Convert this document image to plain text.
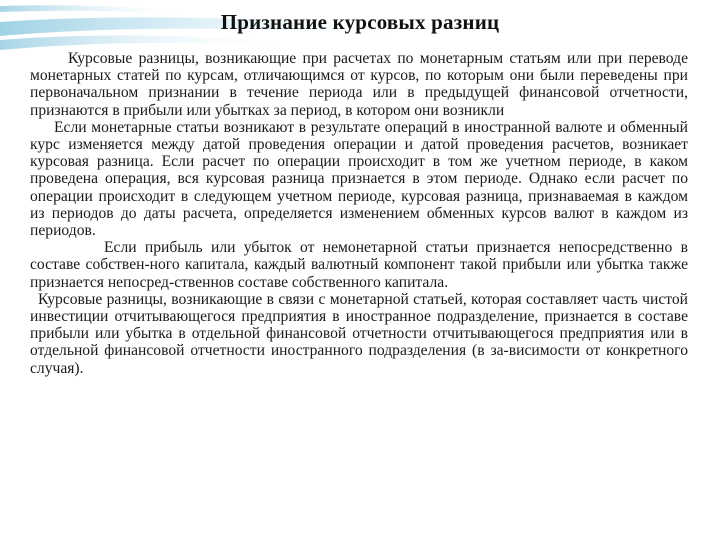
Признание курсовых разниц

Курсовые разницы, возникающие при расчетах по монетарным статьям или при переводе монетарных статей по курсам, отличающимся от курсов, по которым они были переведены при первоначальном признании в течение периода или в предыдущей финансовой отчетности, признаются в прибыли или убытках за период, в котором они возникли

Если монетарные статьи возникают в результате операций в иностранной валюте и обменный курс изменяется между датой проведения операции и датой проведения расчетов, возникает курсовая разница. Если расчет по операции происходит в том же учетном периоде, в каком проведена операция, вся курсовая разница признается в этом периоде. Однако если расчет по операции происходит в следующем учетном периоде, курсовая разница, признаваемая в каждом из периодов до даты расчета, определяется изменением обменных курсов валют в каждом из периодов.

Если прибыль или убыток от немонетарной статьи признается непосредственно в составе собствен-ного капитала, каждый валютный компонент такой прибыли или убытка также признается непосред-ственнов составе собственного капитала.

Курсовые разницы, возникающие в связи с монетарной статьей, которая составляет часть чистой инвестиции отчитывающегося предприятия в иностранное подразделение, признается в составе прибыли или убытка в отдельной финансовой отчетности отчитывающегося предприятия или в отдельной финансовой отчетности иностранного подразделения (в за-висимости от конкретного случая).
